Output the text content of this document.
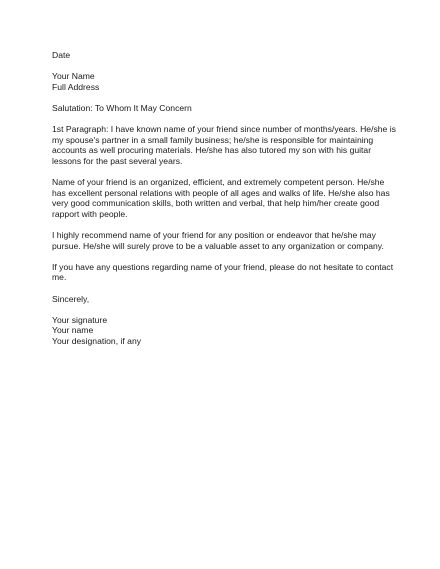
Date
Your Name
Full Address
Salutation: To Whom It May Concern
1st Paragraph: I have known name of your friend since number of months/years. He/she is my spouse's partner in a small family business; he/she is responsible for maintaining accounts as well procuring materials. He/she has also tutored my son with his guitar lessons for the past several years.
Name of your friend is an organized, efficient, and extremely competent person. He/she has excellent personal relations with people of all ages and walks of life. He/she also has very good communication skills, both written and verbal, that help him/her create good rapport with people.
I highly recommend name of your friend for any position or endeavor that he/she may pursue. He/she will surely prove to be a valuable asset to any organization or company.
If you have any questions regarding name of your friend, please do not hesitate to contact me.
Sincerely,
Your signature
Your name
Your designation, if any
